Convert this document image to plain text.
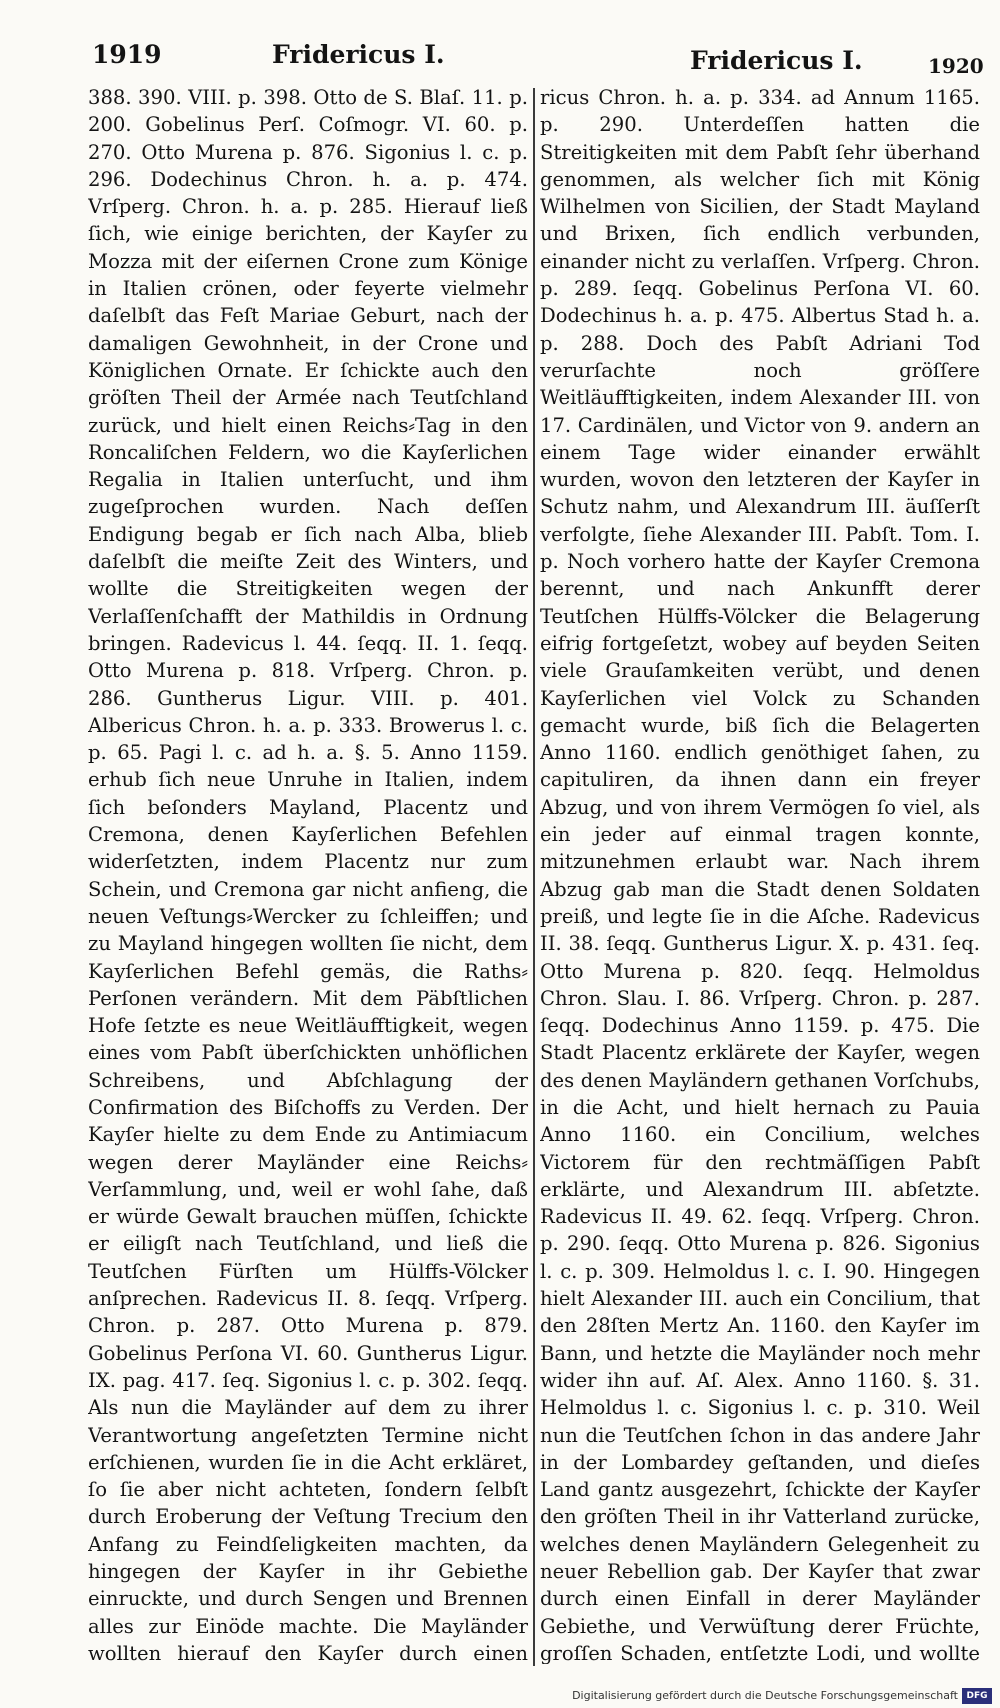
1919	Fridericus I.	Fridericus I.	1920

388. 390. VIII. p. 398. Otto de S. Blaſ. 11. p. 200. Gobelinus Perſ. Coſmogr. VI. 60. p. 270. Otto Murena p. 876. Sigonius l. c. p. 296. Dodechinus Chron. h. a. p. 474. Vrſperg. Chron. h. a. p. 285. Hierauf ließ ſich, wie einige berichten, der Kayſer zu Mozza mit der eiſernen Crone zum Könige in Italien crönen, oder feyerte vielmehr daſelbſt das Feſt Mariae Geburt, nach der damaligen Gewohnheit, in der Crone und Königlichen Ornate. Er ſchickte auch den gröſten Theil der Armée nach Teutſchland zurück, und hielt einen Reichs⸗Tag in den Roncaliſchen Feldern, wo die Kayſerlichen Regalia in Italien unterſucht, und ihm zugeſprochen wurden. Nach deſſen Endigung begab er ſich nach Alba, blieb daſelbſt die meiſte Zeit des Winters, und wollte die Streitigkeiten wegen der Verlaſſenſchafft der Mathildis in Ordnung bringen. Radevicus l. 44. ſeqq. II. 1. ſeqq. Otto Murena p. 818. Vrſperg. Chron. p. 286. Guntherus Ligur. VIII. p. 401. Albericus Chron. h. a. p. 333. Browerus l. c. p. 65. Pagi l. c. ad h. a. §. 5. Anno 1159. erhub ſich neue Unruhe in Italien, indem ſich beſonders Mayland, Placentz und Cremona, denen Kayſerlichen Befehlen widerſetzten, indem Placentz nur zum Schein, und Cremona gar nicht anfieng, die neuen Veſtungs⸗Wercker zu ſchleiffen; und zu Mayland hingegen wollten ſie nicht, dem Kayſerlichen Befehl gemäs, die Raths⸗Perſonen verändern. Mit dem Päbſtlichen Hofe ſetzte es neue Weitläufftigkeit, wegen eines vom Pabſt überſchickten unhöflichen Schreibens, und Abſchlagung der Confirmation des Biſchoffs zu Verden. Der Kayſer hielte zu dem Ende zu Antimiacum wegen derer Mayländer eine Reichs⸗Verſammlung, und, weil er wohl ſahe, daß er würde Gewalt brauchen müſſen, ſchickte er eiligſt nach Teutſchland, und ließ die Teutſchen Fürſten um Hülffs-Völcker anſprechen. Radevicus II. 8. ſeqq. Vrſperg. Chron. p. 287. Otto Murena p. 879. Gobelinus Perſona VI. 60. Guntherus Ligur. IX. pag. 417. ſeq. Sigonius l. c. p. 302. ſeqq. Als nun die Mayländer auf dem zu ihrer Verantwortung angeſetzten Termine nicht erſchienen, wurden ſie in die Acht erkläret, ſo ſie aber nicht achteten, ſondern ſelbſt durch Eroberung der Veſtung Trecium den Anfang zu Feindſeligkeiten machten, da hingegen der Kayſer in ihr Gebiethe einruckte, und durch Sengen und Brennen alles zur Einöde machte. Die Mayländer wollten hierauf den Kayſer durch einen

ricus Chron. h. a. p. 334. ad Annum 1165. p. 290. Unterdeſſen hatten die Streitigkeiten mit dem Pabſt ſehr überhand genommen, als welcher ſich mit König Wilhelmen von Sicilien, der Stadt Mayland und Brixen, ſich endlich verbunden, einander nicht zu verlaſſen. Vrſperg. Chron. p. 289. ſeqq. Gobelinus Perſona VI. 60. Dodechinus h. a. p. 475. Albertus Stad h. a. p. 288. Doch des Pabſt Adriani Tod verurſachte noch gröſſere Weitläufftigkeiten, indem Alexander III. von 17. Cardinälen, und Victor von 9. andern an einem Tage wider einander erwählt wurden, wovon den letzteren der Kayſer in Schutz nahm, und Alexandrum III. äuſſerſt verfolgte, ſiehe Alexander III. Pabſt. Tom. I. p. Noch vorhero hatte der Kayſer Cremona berennt, und nach Ankunfft derer Teutſchen Hülffs-Völcker die Belagerung eifrig fortgeſetzt, wobey auf beyden Seiten viele Grauſamkeiten verübt, und denen Kayſerlichen viel Volck zu Schanden gemacht wurde, biß ſich die Belagerten Anno 1160. endlich genöthiget ſahen, zu capituliren, da ihnen dann ein freyer Abzug, und von ihrem Vermögen ſo viel, als ein jeder auf einmal tragen konnte, mitzunehmen erlaubt war. Nach ihrem Abzug gab man die Stadt denen Soldaten preiß, und legte ſie in die Aſche. Radevicus II. 38. ſeqq. Guntherus Ligur. X. p. 431. ſeq. Otto Murena p. 820. ſeqq. Helmoldus Chron. Slau. I. 86. Vrſperg. Chron. p. 287. ſeqq. Dodechinus Anno 1159. p. 475. Die Stadt Placentz erklärete der Kayſer, wegen des denen Mayländern gethanen Vorſchubs, in die Acht, und hielt hernach zu Pauia Anno 1160. ein Concilium, welches Victorem für den rechtmäſſigen Pabſt erklärte, und Alexandrum III. abſetzte. Radevicus II. 49. 62. ſeqq. Vrſperg. Chron. p. 290. ſeqq. Otto Murena p. 826. Sigonius l. c. p. 309. Helmoldus l. c. I. 90. Hingegen hielt Alexander III. auch ein Concilium, that den 28ſten Mertz An. 1160. den Kayſer im Bann, und hetzte die Mayländer noch mehr wider ihn auf. Aſ. Alex. Anno 1160. §. 31. Helmoldus l. c. Sigonius l. c. p. 310. Weil nun die Teutſchen ſchon in das andere Jahr in der Lombardey geſtanden, und dieſes Land gantz ausgezehrt, ſchickte der Kayſer den gröſten Theil in ihr Vatterland zurücke, welches denen Mayländern Gelegenheit zu neuer Rebellion gab. Der Kayſer that zwar durch einen Einfall in derer Mayländer Gebiethe, und Verwüſtung derer Früchte, groſſen Schaden, entſetzte Lodi, und wollte

Digitalisierung gefördert durch die Deutsche Forschungsgemeinschaft DFG
